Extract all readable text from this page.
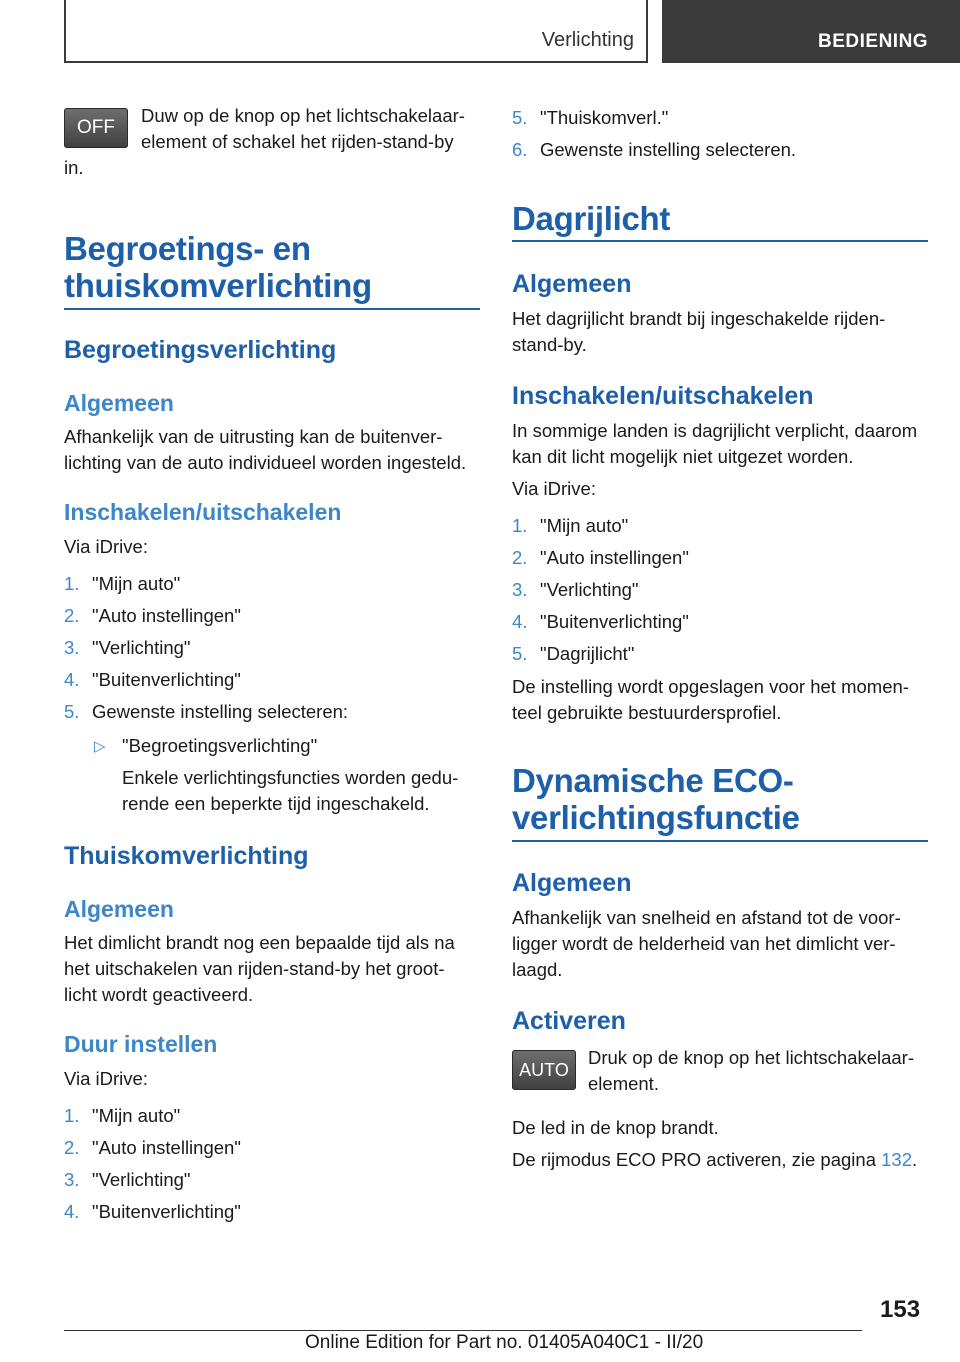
Verlichting	BEDIENING
OFF
Duw op de knop op het lichtschakelaar-
element of schakel het rijden-stand-by
in.
Begroetings- en
thuiskomverlichting
Begroetingsverlichting
Algemeen
Afhankelijk van de uitrusting kan de buitenver-
lichting van de auto individueel worden ingesteld.
Inschakelen/uitschakelen
Via iDrive:
1. "Mijn auto"
2. "Auto instellingen"
3. "Verlichting"
4. "Buitenverlichting"
5. Gewenste instelling selecteren:
▷ "Begroetingsverlichting"
Enkele verlichtingsfuncties worden gedu-
rende een beperkte tijd ingeschakeld.
Thuiskomverlichting
Algemeen
Het dimlicht brandt nog een bepaalde tijd als na
het uitschakelen van rijden-stand-by het groot-
licht wordt geactiveerd.
Duur instellen
Via iDrive:
1. "Mijn auto"
2. "Auto instellingen"
3. "Verlichting"
4. "Buitenverlichting"
5. "Thuiskomverl."
6. Gewenste instelling selecteren.
Dagrijlicht
Algemeen
Het dagrijlicht brandt bij ingeschakelde rijden-
stand-by.
Inschakelen/uitschakelen
In sommige landen is dagrijlicht verplicht, daarom
kan dit licht mogelijk niet uitgezet worden.
Via iDrive:
1. "Mijn auto"
2. "Auto instellingen"
3. "Verlichting"
4. "Buitenverlichting"
5. "Dagrijlicht"
De instelling wordt opgeslagen voor het momen-
teel gebruikte bestuurdersprofiel.
Dynamische ECO-
verlichtingsfunctie
Algemeen
Afhankelijk van snelheid en afstand tot de voor-
ligger wordt de helderheid van het dimlicht ver-
laagd.
Activeren
AUTO
Druk op de knop op het lichtschakelaar-
element.
De led in de knop brandt.
De rijmodus ECO PRO activeren, zie pagina 132.
153
Online Edition for Part no. 01405A040C1 - II/20
